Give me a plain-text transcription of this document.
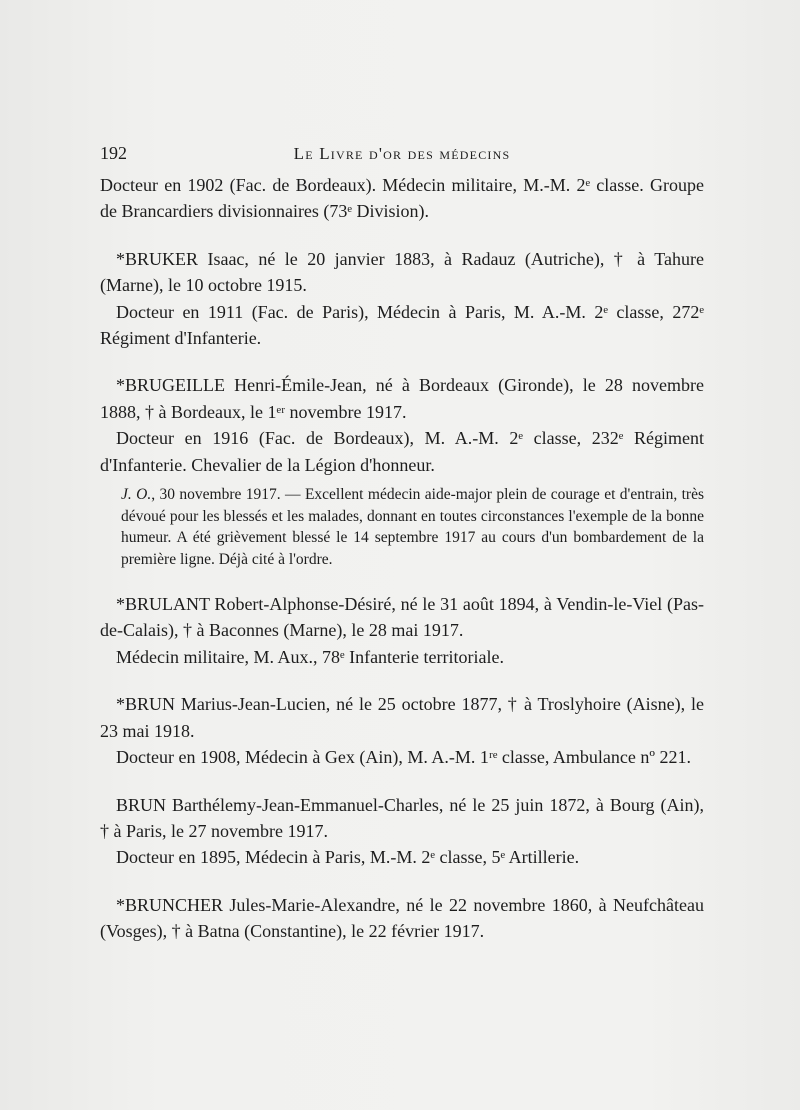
192	Le Livre d'or des médecins

Docteur en 1902 (Fac. de Bordeaux). Médecin militaire, M.-M. 2ᵉ classe. Groupe de Brancardiers divisionnaires (73ᵉ Division).

*BRUKER Isaac, né le 20 janvier 1883, à Radauz (Autriche), † à Tahure (Marne), le 10 octobre 1915.

Docteur en 1911 (Fac. de Paris), Médecin à Paris, M. A.-M. 2ᵉ classe, 272ᵉ Régiment d'Infanterie.

*BRUGEILLE Henri-Émile-Jean, né à Bordeaux (Gironde), le 28 novembre 1888, † à Bordeaux, le 1ᵉʳ novembre 1917.

Docteur en 1916 (Fac. de Bordeaux), M. A.-M. 2ᵉ classe, 232ᵉ Régiment d'Infanterie. Chevalier de la Légion d'honneur.

J. O., 30 novembre 1917. — Excellent médecin aide-major plein de courage et d'entrain, très dévoué pour les blessés et les malades, donnant en toutes circonstances l'exemple de la bonne humeur. A été grièvement blessé le 14 septembre 1917 au cours d'un bombardement de la première ligne. Déjà cité à l'ordre.

*BRULANT Robert-Alphonse-Désiré, né le 31 août 1894, à Vendin-le-Viel (Pas-de-Calais), † à Baconnes (Marne), le 28 mai 1917.

Médecin militaire, M. Aux., 78ᵉ Infanterie territoriale.

*BRUN Marius-Jean-Lucien, né le 25 octobre 1877, † à Troslyhoire (Aisne), le 23 mai 1918.

Docteur en 1908, Médecin à Gex (Ain), M. A.-M. 1ʳᵉ classe, Ambulance nº 221.

BRUN Barthélemy-Jean-Emmanuel-Charles, né le 25 juin 1872, à Bourg (Ain), † à Paris, le 27 novembre 1917.

Docteur en 1895, Médecin à Paris, M.-M. 2ᵉ classe, 5ᵉ Artillerie.

*BRUNCHER Jules-Marie-Alexandre, né le 22 novembre 1860, à Neufchâteau (Vosges), † à Batna (Constantine), le 22 février 1917.
